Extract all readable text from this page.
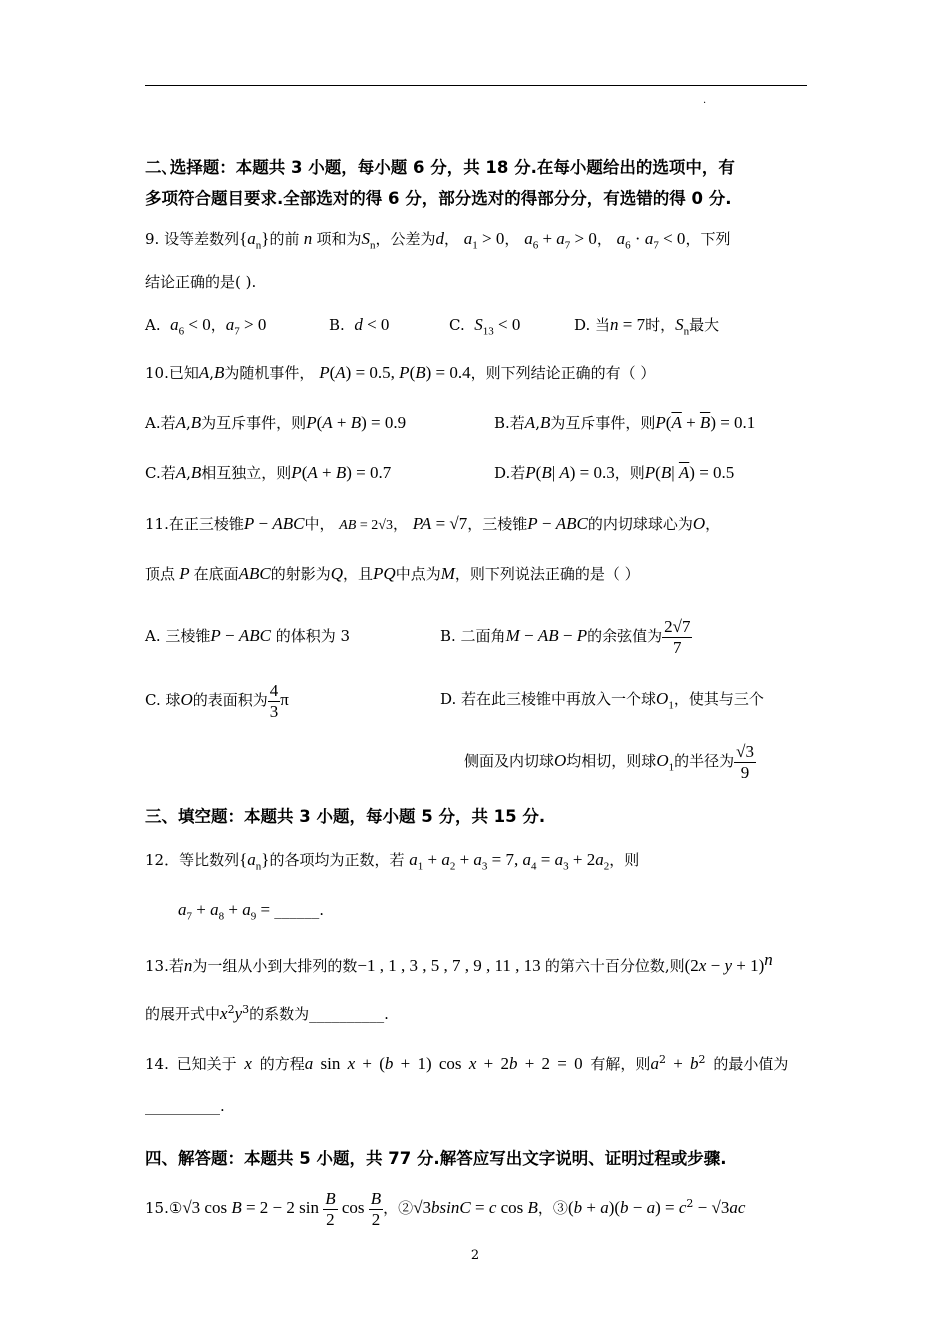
.
二､选择题：本题共 3 小题，每小题 6 分，共 18 分.在每小题给出的选项中，有
多项符合题目要求.全部选对的得 6 分，部分选对的得部分分，有选错的得 0 分.
9. 设等差数列$\{a_n\}$的前 n 项和为$S_n$，公差为d， $a_1 > 0$， $a_6 + a_7 > 0$， $a_6 \cdot a_7 < 0$，下列
结论正确的是( ).
A. $a_6 < 0$，$a_7 > 0$	B. d < 0	C. $S_{13} < 0$	D. 当n = 7时，$S_n$最大
10.已知A,B为随机事件， P(A) = 0.5, P(B) = 0.4，则下列结论正确的有（ ）
A.若A,B为互斥事件，则P(A + B) = 0.9	B.若A,B为互斥事件，则$P(\overline{A} + \overline{B}) = 0.1$
C.若A,B相互独立，则P(A + B) = 0.7	D.若P(B| A) = 0.3，则P(B| $\overline{A}) = 0.5$
11.在正三棱锥P − ABC中， AB = 2√3， PA = √7，三棱锥P − ABC的内切球球心为O，
顶点 P 在底面ABC的射影为Q，且PQ中点为M，则下列说法正确的是（ ）
A. 三棱锥P − ABC 的体积为 3	B. 二面角M − AB − P的余弦值为 $\frac{2√7}{7}$
C. 球O的表面积为 $\frac{4}{3}$ π	D. 若在此三棱锥中再放入一个球$O_1$，使其与三个
侧面及内切球O均相切，则球$O_1$的半径为 $\frac{√3}{9}$
三、填空题：本题共 3 小题，每小题 5 分，共 15 分.
12．等比数列$\{a_n\}$的各项均为正数，若 $a_1 + a_2 + a_3 = 7$, $a_4 = a_3 + 2a_2$，则
$a_7 + a_8 + a_9$ = ______.
13.若n为一组从小到大排列的数−1 , 1 , 3 , 5 , 7 , 9 , 11 , 13 的第六十百分位数,则$(2x - y + 1)^n$
的展开式中$x^2y^3$的系数为__________.
14. 已知关于 x 的方程a sin x + (b + 1) cos x + 2b + 2 = 0 有解，则$a^2 + b^2$ 的最小值为
__________.
四、解答题：本题共 5 小题，共 77 分.解答应写出文字说明、证明过程或步骤.
15.①√3 cos B = 2 − 2 $\sin \frac{B}{2}$ $\cos \frac{B}{2}$ ，②√3bsinC = c cos B，③(b + $a)(b - a) = c^2 - √3ac$
2
